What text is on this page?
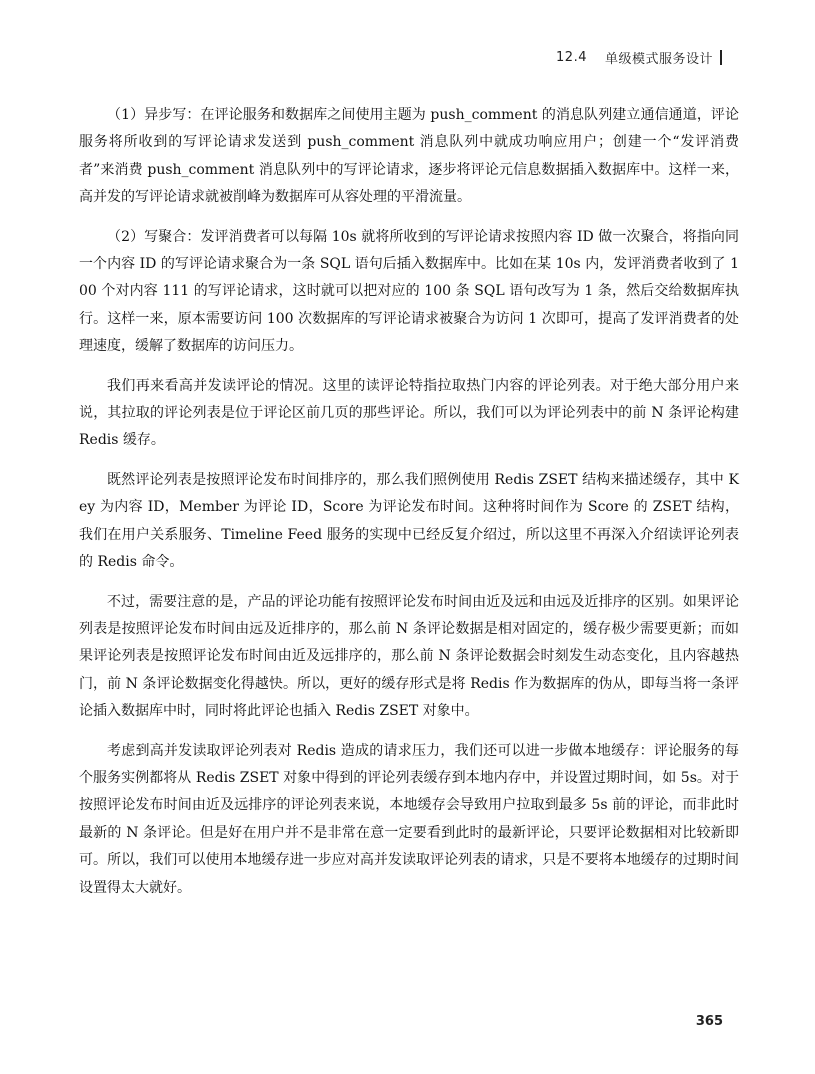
12.4 单级模式服务设计

（1）异步写：在评论服务和数据库之间使用主题为 push_comment 的消息队列建立通信通道，评论服务将所收到的写评论请求发送到 push_comment 消息队列中就成功响应用户；创建一个“发评消费者”来消费 push_comment 消息队列中的写评论请求，逐步将评论元信息数据插入数据库中。这样一来，高并发的写评论请求就被削峰为数据库可从容处理的平滑流量。

（2）写聚合：发评消费者可以每隔 10s 就将所收到的写评论请求按照内容 ID 做一次聚合，将指向同一个内容 ID 的写评论请求聚合为一条 SQL 语句后插入数据库中。比如在某 10s 内，发评消费者收到了 100 个对内容 111 的写评论请求，这时就可以把对应的 100 条 SQL 语句改写为 1 条，然后交给数据库执行。这样一来，原本需要访问 100 次数据库的写评论请求被聚合为访问 1 次即可，提高了发评消费者的处理速度，缓解了数据库的访问压力。

我们再来看高并发读评论的情况。这里的读评论特指拉取热门内容的评论列表。对于绝大部分用户来说，其拉取的评论列表是位于评论区前几页的那些评论。所以，我们可以为评论列表中的前 N 条评论构建 Redis 缓存。

既然评论列表是按照评论发布时间排序的，那么我们照例使用 Redis ZSET 结构来描述缓存，其中 Key 为内容 ID，Member 为评论 ID，Score 为评论发布时间。这种将时间作为 Score 的 ZSET 结构，我们在用户关系服务、Timeline Feed 服务的实现中已经反复介绍过，所以这里不再深入介绍读评论列表的 Redis 命令。

不过，需要注意的是，产品的评论功能有按照评论发布时间由近及远和由远及近排序的区别。如果评论列表是按照评论发布时间由远及近排序的，那么前 N 条评论数据是相对固定的，缓存极少需要更新；而如果评论列表是按照评论发布时间由近及远排序的，那么前 N 条评论数据会时刻发生动态变化，且内容越热门，前 N 条评论数据变化得越快。所以，更好的缓存形式是将 Redis 作为数据库的伪从，即每当将一条评论插入数据库中时，同时将此评论也插入 Redis ZSET 对象中。

考虑到高并发读取评论列表对 Redis 造成的请求压力，我们还可以进一步做本地缓存：评论服务的每个服务实例都将从 Redis ZSET 对象中得到的评论列表缓存到本地内存中，并设置过期时间，如 5s。对于按照评论发布时间由近及远排序的评论列表来说，本地缓存会导致用户拉取到最多 5s 前的评论，而非此时最新的 N 条评论。但是好在用户并不是非常在意一定要看到此时的最新评论，只要评论数据相对比较新即可。所以，我们可以使用本地缓存进一步应对高并发读取评论列表的请求，只是不要将本地缓存的过期时间设置得太大就好。

365
